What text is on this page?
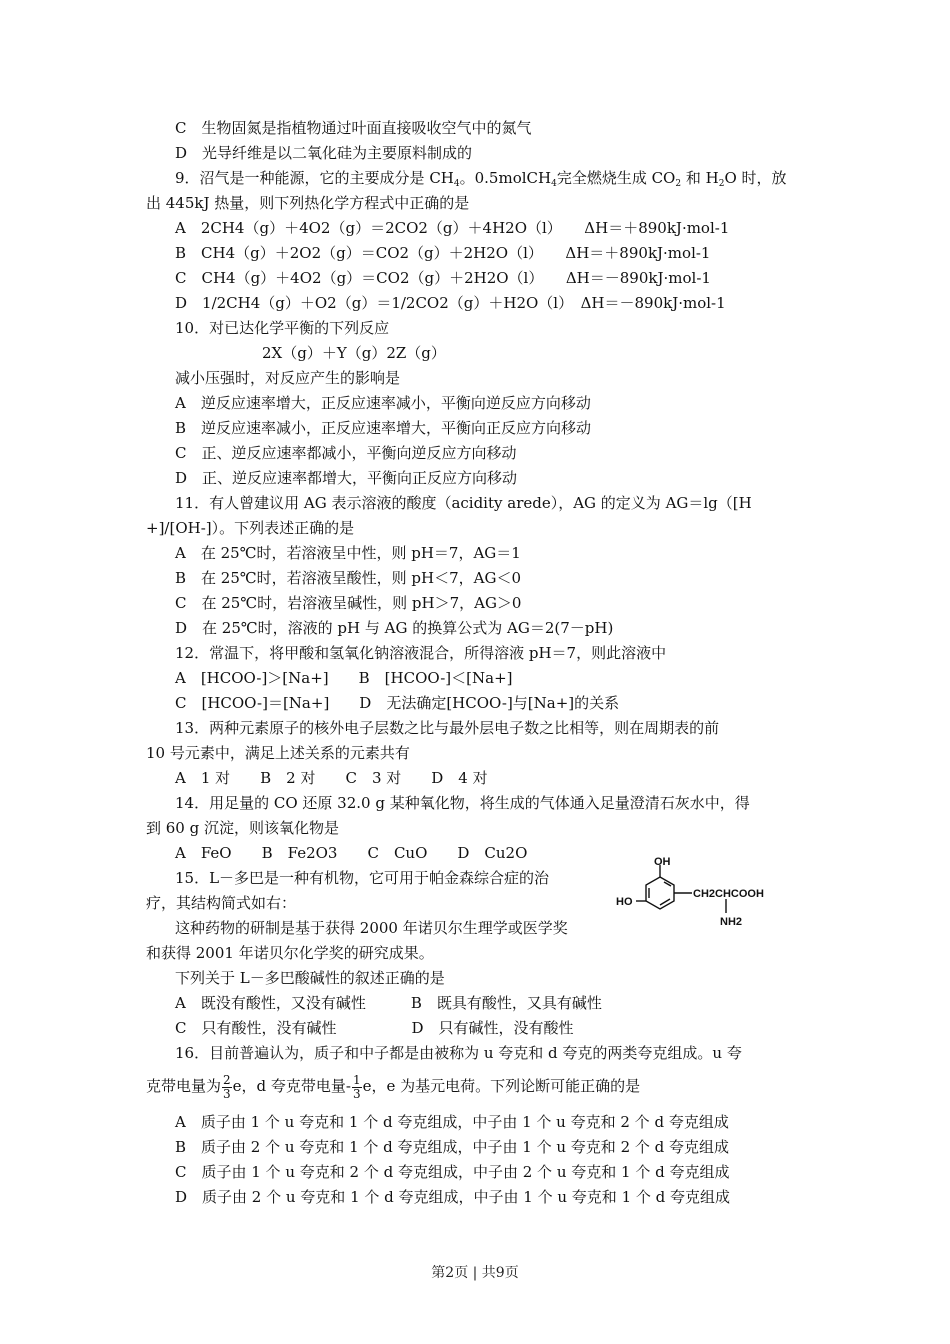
C　生物固氮是指植物通过叶面直接吸收空气中的氮气
D　光导纤维是以二氧化硅为主要原料制成的
9．沼气是一种能源，它的主要成分是 $CH_4$。0.5molCH$_4$完全燃烧生成 $CO_2$ 和 $H_2O$ 时，放
出 445kJ 热量，则下列热化学方程式中正确的是
A　2CH4（g）＋4O2（g）＝2CO2（g）＋4H2O（l）　　ΔH＝＋890kJ·mol-1
B　CH4（g）＋2O2（g）＝CO2（g）＋2H2O（l）　　ΔH＝＋890kJ·mol-1
C　CH4（g）＋4O2（g）＝CO2（g）＋2H2O（l）　　ΔH＝－890kJ·mol-1
D　1/2CH4（g）＋O2（g）＝1/2CO2（g）＋H2O（l）　ΔH＝－890kJ·mol-1
10．对已达化学平衡的下列反应
2X（g）＋Y（g）2Z（g）
减小压强时，对反应产生的影响是
A　逆反应速率增大，正反应速率减小，平衡向逆反应方向移动
B　逆反应速率减小，正反应速率增大，平衡向正反应方向移动
C　正、逆反应速率都减小，平衡向逆反应方向移动
D　正、逆反应速率都增大，平衡向正反应方向移动
11．有人曾建议用 AG 表示溶液的酸度（acidity arede），AG 的定义为 AG＝lg（[H
+]/[OH-]）。下列表述正确的是
A　在 25℃时，若溶液呈中性，则 pH＝7，AG＝1
B　在 25℃时，若溶液呈酸性，则 pH＜7，AG＜0
C　在 25℃时，岩溶液呈碱性，则 pH＞7，AG＞0
D　在 25℃时，溶液的 pH 与 AG 的换算公式为 AG＝2(7－pH)
12．常温下，将甲酸和氢氧化钠溶液混合，所得溶液 pH＝7，则此溶液中
A　[HCOO-]＞[Na+]　　B　[HCOO-]＜[Na+]
C　[HCOO-]＝[Na+]　　D　无法确定[HCOO-]与[Na+]的关系
13．两种元素原子的核外电子层数之比与最外层电子数之比相等，则在周期表的前
10 号元素中，满足上述关系的元素共有
A　1 对　　B　2 对　　C　3 对　　D　4 对
14．用足量的 CO 还原 32.0 g 某种氧化物，将生成的气体通入足量澄清石灰水中，得
到 60 g 沉淀，则该氧化物是
A　FeO　　B　Fe2O3　　C　CuO　　D　Cu2O
15．L－多巴是一种有机物，它可用于帕金森综合症的治
疗，其结构简式如右：
这种药物的研制是基于获得 2000 年诺贝尔生理学或医学奖
和获得 2001 年诺贝尔化学奖的研究成果。
下列关于 L－多巴酸碱性的叙述正确的是
A　既没有酸性，又没有碱性　　　B　既具有酸性，又具有碱性
C　只有酸性，没有碱性　　　　　D　只有碱性，没有酸性
OH
HO
CH2CHCOOH
NH2
16．目前普遍认为，质子和中子都是由被称为 u 夸克和 d 夸克的两类夸克组成。u 夸
克带电量为 $\frac{2}{3}$ e，d 夸克带电量- $\frac{1}{3}$ e，e 为基元电荷。下列论断可能正确的是
A　质子由 1 个 u 夸克和 1 个 d 夸克组成，中子由 1 个 u 夸克和 2 个 d 夸克组成
B　质子由 2 个 u 夸克和 1 个 d 夸克组成，中子由 1 个 u 夸克和 2 个 d 夸克组成
C　质子由 1 个 u 夸克和 2 个 d 夸克组成，中子由 2 个 u 夸克和 1 个 d 夸克组成
D　质子由 2 个 u 夸克和 1 个 d 夸克组成，中子由 1 个 u 夸克和 1 个 d 夸克组成
第2页 | 共9页
